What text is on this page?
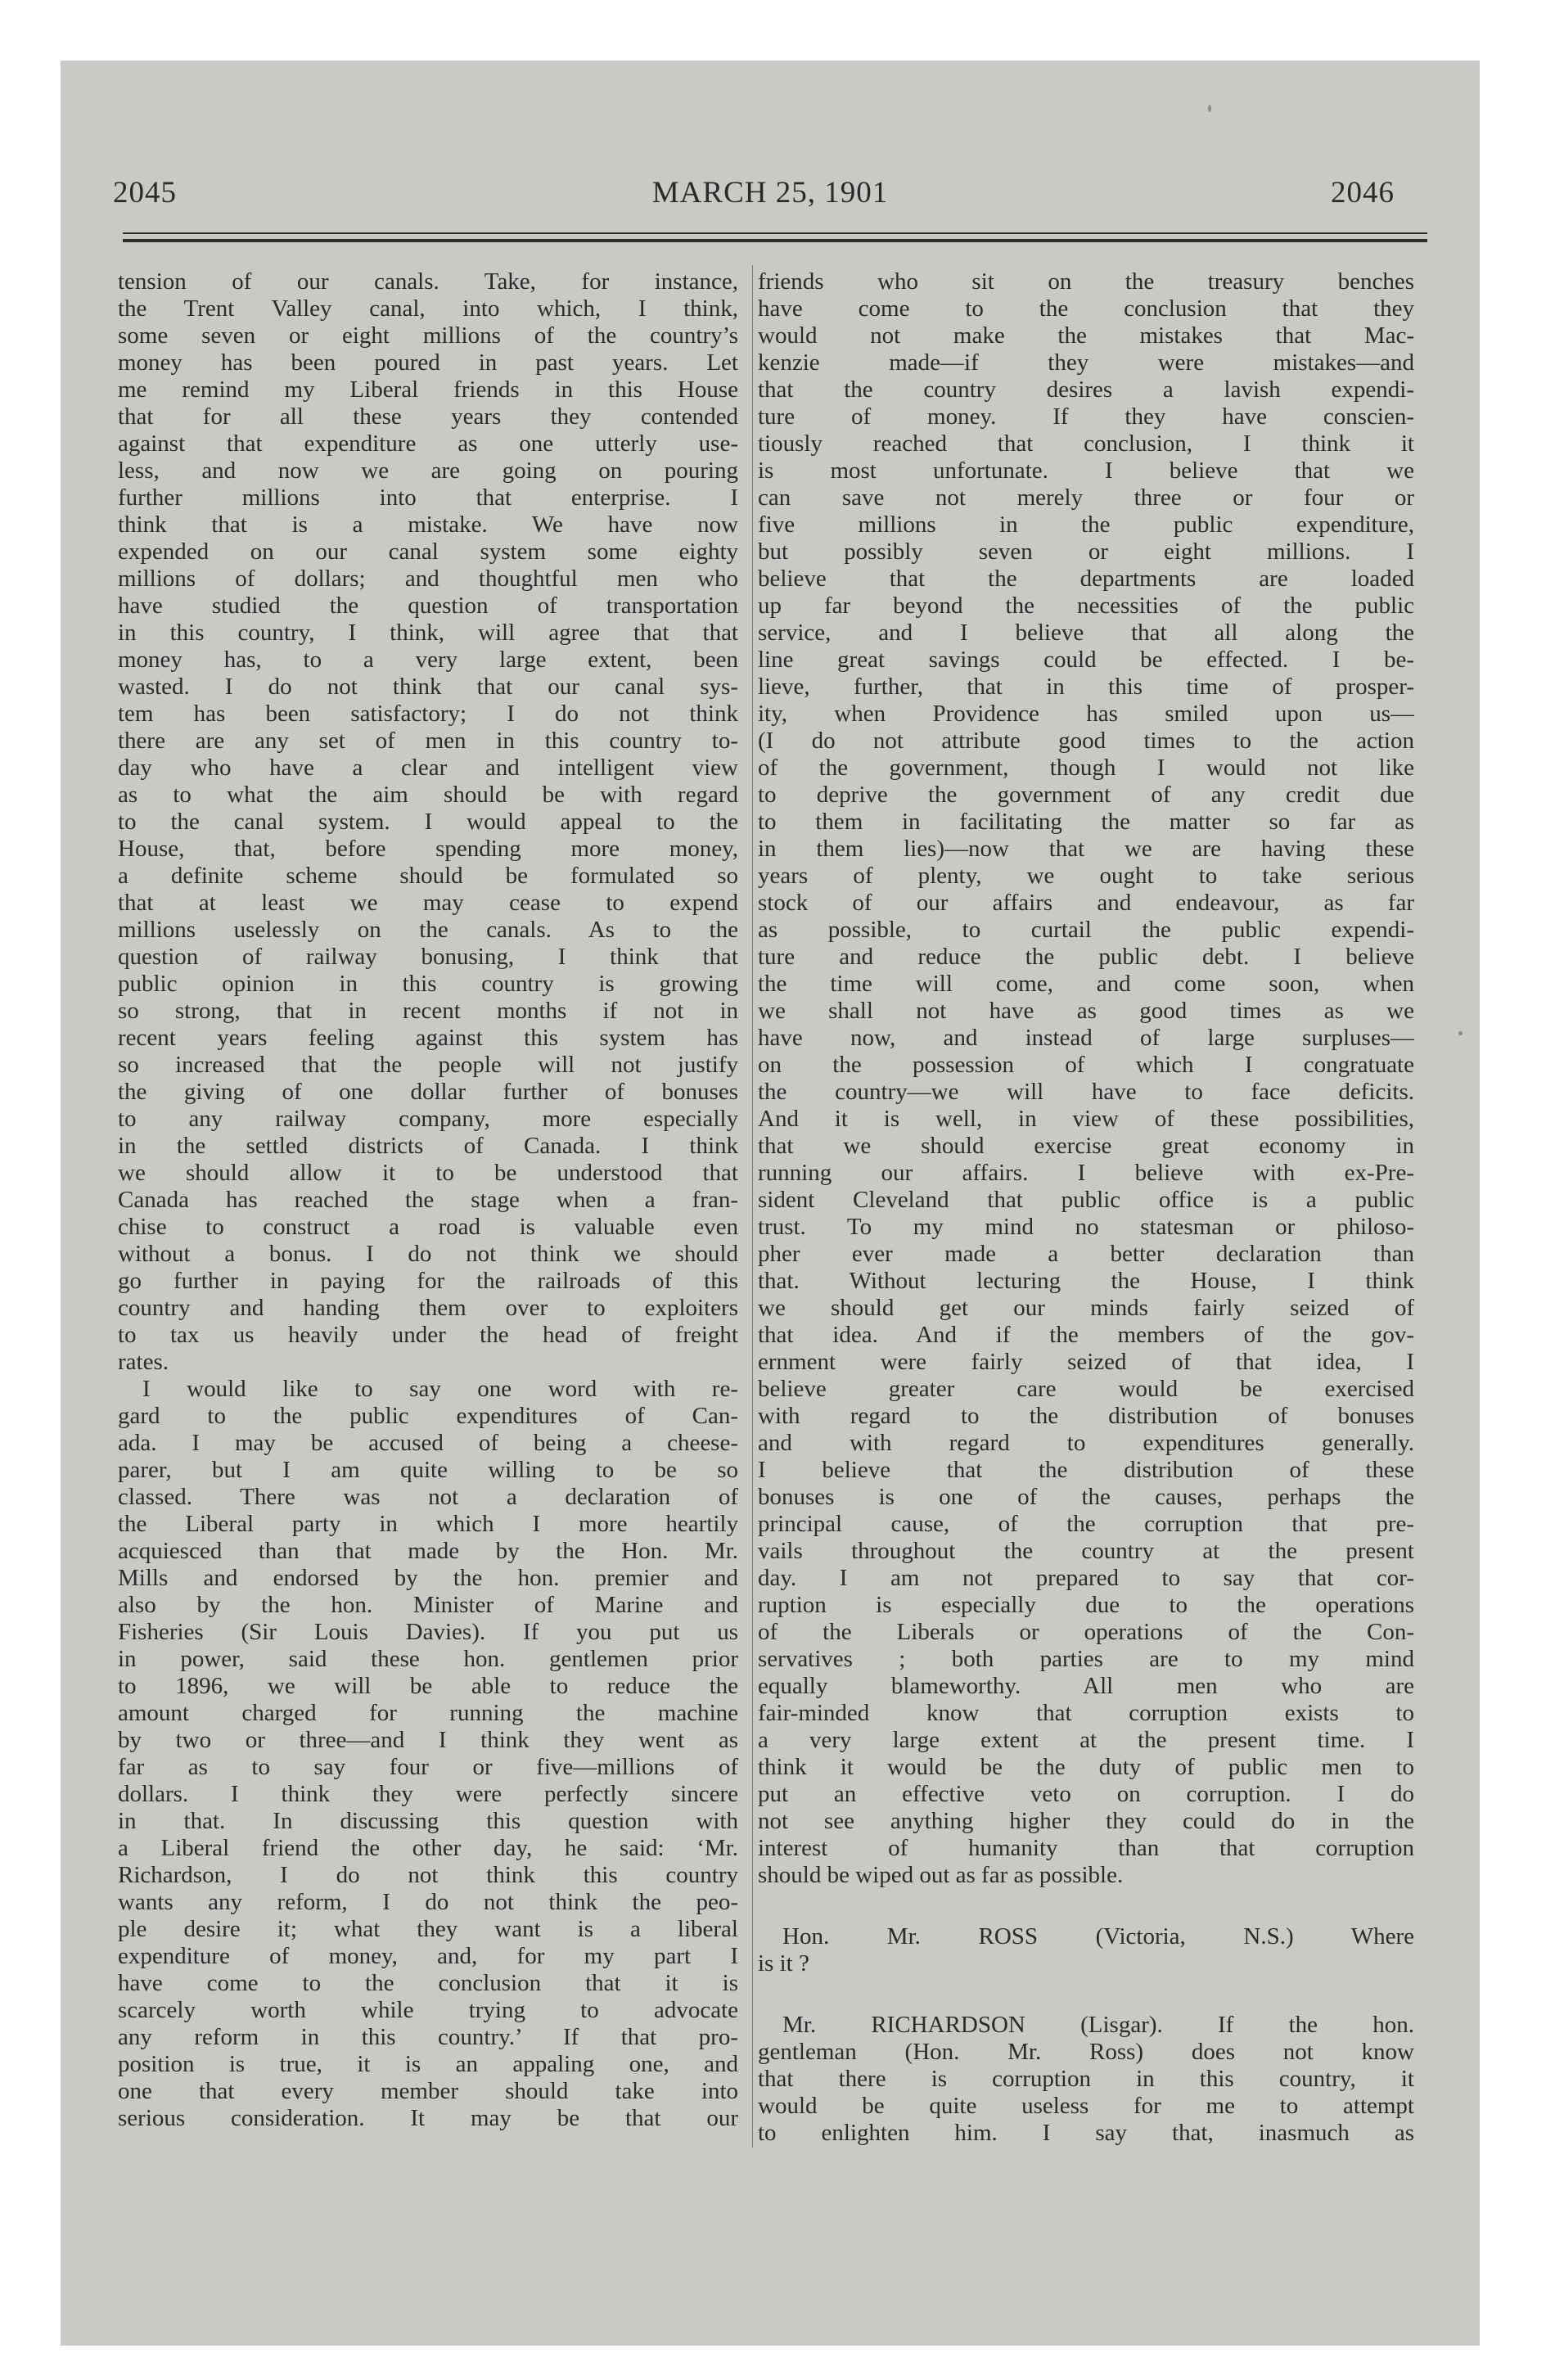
2045	MARCH 25, 1901	2046
tension of our canals. Take, for instance,
the Trent Valley canal, into which, I think,
some seven or eight millions of the country’s
money has been poured in past years. Let
me remind my Liberal friends in this House
that for all these years they contended
against that expenditure as one utterly use-
less, and now we are going on pouring
further millions into that enterprise. I
think that is a mistake. We have now
expended on our canal system some eighty
millions of dollars; and thoughtful men who
have studied the question of transportation
in this country, I think, will agree that that
money has, to a very large extent, been
wasted. I do not think that our canal sys-
tem has been satisfactory; I do not think
there are any set of men in this country to-
day who have a clear and intelligent view
as to what the aim should be with regard
to the canal system. I would appeal to the
House, that, before spending more money,
a definite scheme should be formulated so
that at least we may cease to expend
millions uselessly on the canals. As to the
question of railway bonusing, I think that
public opinion in this country is growing
so strong, that in recent months if not in
recent years feeling against this system has
so increased that the people will not justify
the giving of one dollar further of bonuses
to any railway company, more especially
in the settled districts of Canada. I think
we should allow it to be understood that
Canada has reached the stage when a fran-
chise to construct a road is valuable even
without a bonus. I do not think we should
go further in paying for the railroads of this
country and handing them over to exploiters
to tax us heavily under the head of freight
rates.
I would like to say one word with re-
gard to the public expenditures of Can-
ada. I may be accused of being a cheese-
parer, but I am quite willing to be so
classed. There was not a declaration of
the Liberal party in which I more heartily
acquiesced than that made by the Hon. Mr.
Mills and endorsed by the hon. premier and
also by the hon. Minister of Marine and
Fisheries (Sir Louis Davies). If you put us
in power, said these hon. gentlemen prior
to 1896, we will be able to reduce the
amount charged for running the machine
by two or three—and I think they went as
far as to say four or five—millions of
dollars. I think they were perfectly sincere
in that. In discussing this question with
a Liberal friend the other day, he said: ‘Mr.
Richardson, I do not think this country
wants any reform, I do not think the peo-
ple desire it; what they want is a liberal
expenditure of money, and, for my part I
have come to the conclusion that it is
scarcely worth while trying to advocate
any reform in this country.’ If that pro-
position is true, it is an appaling one, and
one that every member should take into
serious consideration. It may be that our
friends who sit on the treasury benches
have come to the conclusion that they
would not make the mistakes that Mac-
kenzie made—if they were mistakes—and
that the country desires a lavish expendi-
ture of money. If they have conscien-
tiously reached that conclusion, I think it
is most unfortunate. I believe that we
can save not merely three or four or
five millions in the public expenditure,
but possibly seven or eight millions. I
believe that the departments are loaded
up far beyond the necessities of the public
service, and I believe that all along the
line great savings could be effected. I be-
lieve, further, that in this time of prosper-
ity, when Providence has smiled upon us—
(I do not attribute good times to the action
of the government, though I would not like
to deprive the government of any credit due
to them in facilitating the matter so far as
in them lies)—now that we are having these
years of plenty, we ought to take serious
stock of our affairs and endeavour, as far
as possible, to curtail the public expendi-
ture and reduce the public debt. I believe
the time will come, and come soon, when
we shall not have as good times as we
have now, and instead of large surpluses—
on the possession of which I congratuate
the country—we will have to face deficits.
And it is well, in view of these possibilities,
that we should exercise great economy in
running our affairs. I believe with ex-Pre-
sident Cleveland that public office is a public
trust. To my mind no statesman or philoso-
pher ever made a better declaration than
that. Without lecturing the House, I think
we should get our minds fairly seized of
that idea. And if the members of the gov-
ernment were fairly seized of that idea, I
believe greater care would be exercised
with regard to the distribution of bonuses
and with regard to expenditures generally.
I believe that the distribution of these
bonuses is one of the causes, perhaps the
principal cause, of the corruption that pre-
vails throughout the country at the present
day. I am not prepared to say that cor-
ruption is especially due to the operations
of the Liberals or operations of the Con-
servatives ; both parties are to my mind
equally blameworthy. All men who are
fair-minded know that corruption exists to
a very large extent at the present time. I
think it would be the duty of public men to
put an effective veto on corruption. I do
not see anything higher they could do in the
interest of humanity than that corruption
should be wiped out as far as possible.
Hon. Mr. ROSS (Victoria, N.S.) Where
is it ?
Mr. RICHARDSON (Lisgar). If the hon.
gentleman (Hon. Mr. Ross) does not know
that there is corruption in this country, it
would be quite useless for me to attempt
to enlighten him. I say that, inasmuch as
